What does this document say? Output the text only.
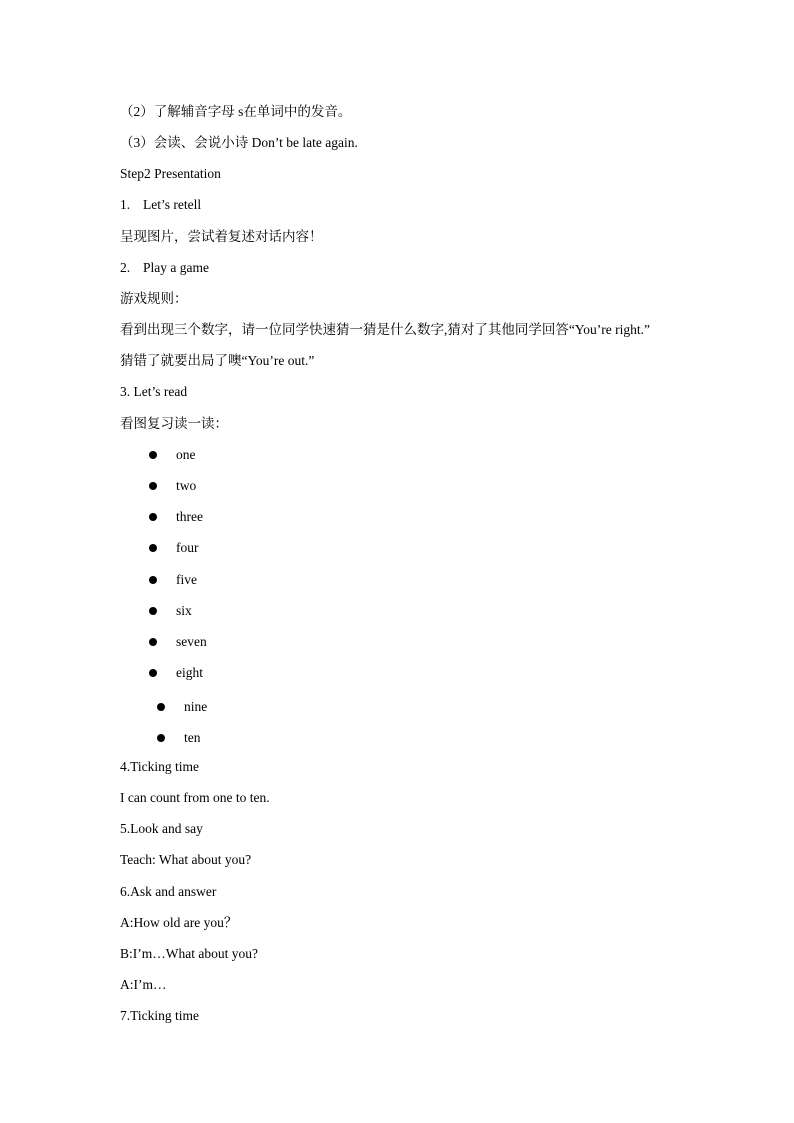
（2）了解辅音字母 s在单词中的发音。
（3）会读、会说小诗 Don’t be late again.
Step2 Presentation
1. Let’s retell
呈现图片，尝试着复述对话内容！
2. Play a game
游戏规则：
看到出现三个数字，请一位同学快速猜一猜是什么数字,猜对了其他同学回答“You’re right.”
猜错了就要出局了噢“You’re out.”
3. Let’s read
看图复习读一读：
one
two
three
four
five
six
seven
eight
nine
ten
4.Ticking time
I can count from one to ten.
5.Look and say
Teach: What about you?
6.Ask and answer
A:How old are you？
B:I’m…What about you?
A:I’m…
7.Ticking time
